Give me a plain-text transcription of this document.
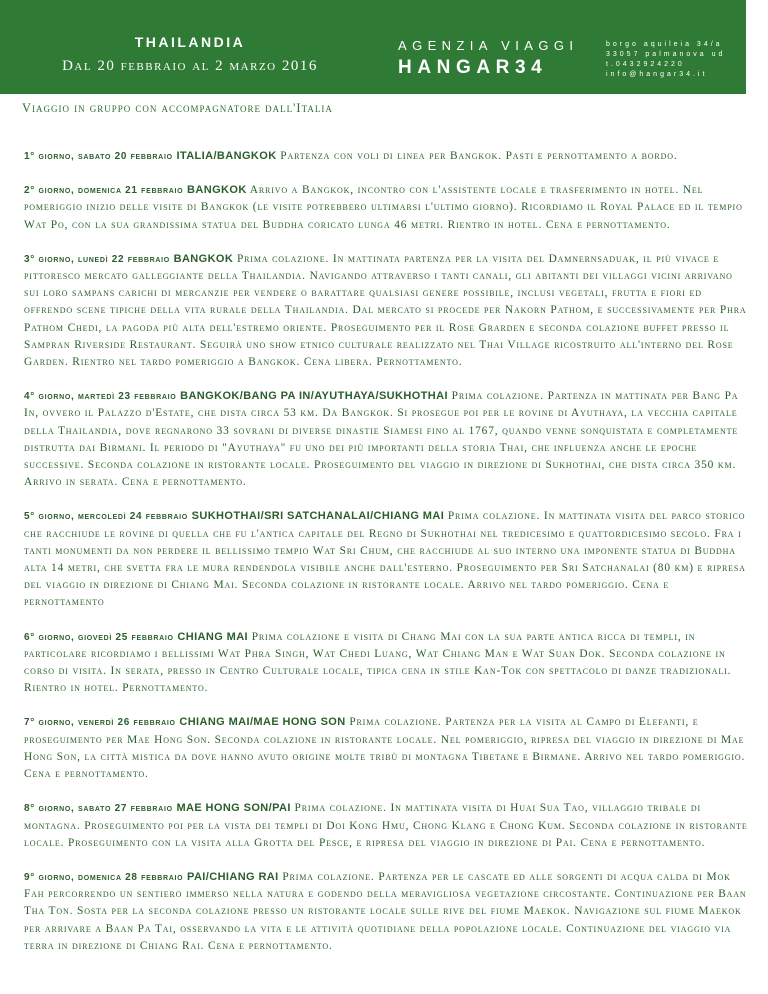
THAILANDIA
Dal 20 febbraio al 2 marzo 2016
AGENZIA VIAGGI
HANGAR34
borgo aquileia 34/a
33057 palmanova ud
t.0432924220
info@hangar34.it
Viaggio in gruppo con accompagnatore dall'Italia

1° giorno, sabato 20 febbraio ITALIA/BANGKOK Partenza con voli di linea per Bangkok. Pasti e pernottamento a bordo.

2° giorno, domenica 21 febbraio BANGKOK Arrivo a Bangkok, incontro con l'assistente locale e trasferimento in hotel. Nel pomeriggio inizio delle visite di Bangkok (le visite potrebbero ultimarsi l'ultimo giorno). Ricordiamo il Royal Palace ed il tempio Wat Po, con la sua grandissima statua del Buddha coricato lunga 46 metri. Rientro in hotel. Cena e pernottamento.

3° giorno, lunedì 22 febbraio BANGKOK Prima colazione. In mattinata partenza per la visita del Damnernsaduak, il più vivace e pittoresco mercato galleggiante della Thailandia. Navigando attraverso i tanti canali, gli abitanti dei villaggi vicini arrivano sui loro sampans carichi di mercanzie per vendere o barattare qualsiasi genere possibile, inclusi vegetali, frutta e fiori ed offrendo scene tipiche della vita rurale della Thailandia. Dal mercato si procede per Nakorn Pathom, e successivamente per Phra Pathom Chedi, la pagoda più alta dell'estremo oriente. Proseguimento per il Rose Grarden e seconda colazione buffet presso il Sampran Riverside Restaurant. Seguirà uno show etnico culturale realizzato nel Thai Village ricostruito all'interno del Rose Garden. Rientro nel tardo pomeriggio a Bangkok. Cena libera. Pernottamento.

4° giorno, martedì 23 febbraio BANGKOK/BANG PA IN/AYUTHAYA/SUKHOTHAI Prima colazione. Partenza in mattinata per Bang Pa In, ovvero il Palazzo d'Estate, che dista circa 53 km. Da Bangkok. Si prosegue poi per le rovine di Ayuthaya, la vecchia capitale della Thailandia, dove regnarono 33 sovrani di diverse dinastie Siamesi fino al 1767, quando venne sonquistata e completamente distrutta dai Birmani. Il periodo di "Ayuthaya" fu uno dei più importanti della storia Thai, che influenza anche le epoche successive. Seconda colazione in ristorante locale. Proseguimento del viaggio in direzione di Sukhothai, che dista circa 350 km. Arrivo in serata. Cena e pernottamento.

5° giorno, mercoledì 24 febbraio SUKHOTHAI/SRI SATCHANALAI/CHIANG MAI Prima colazione. In mattinata visita del parco storico che racchiude le rovine di quella che fu l'antica capitale del Regno di Sukhothai nel tredicesimo e quattordicesimo secolo. Fra i tanti monumenti da non perdere il bellissimo tempio Wat Sri Chum, che racchiude al suo interno una imponente statua di Buddha alta 14 metri, che svetta fra le mura rendendola visibile anche dall'esterno. Proseguimento per Sri Satchanalai (80 km) e ripresa del viaggio in direzione di Chiang Mai. Seconda colazione in ristorante locale. Arrivo nel tardo pomeriggio. Cena e pernottamento

6° giorno, giovedì 25 febbraio CHIANG MAI Prima colazione e visita di Chang Mai con la sua parte antica ricca di templi, in particolare ricordiamo i bellissimi Wat Phra Singh, Wat Chedi Luang, Wat Chiang Man e Wat Suan Dok. Seconda colazione in corso di visita. In serata, presso in Centro Culturale locale, tipica cena in stile Kan-Tok con spettacolo di danze tradizionali. Rientro in hotel. Pernottamento.

7° giorno, venerdì 26 febbraio CHIANG MAI/MAE HONG SON Prima colazione. Partenza per la visita al Campo di Elefanti, e proseguimento per Mae Hong Son. Seconda colazione in ristorante locale. Nel pomeriggio, ripresa del viaggio in direzione di Mae Hong Son, la città mistica da dove hanno avuto origine molte tribù di montagna Tibetane e Birmane. Arrivo nel tardo pomeriggio. Cena e pernottamento.

8° giorno, sabato 27 febbraio MAE HONG SON/PAI Prima colazione. In mattinata visita di Huai Sua Tao, villaggio tribale di montagna. Proseguimento poi per la vista dei templi di Doi Kong Hmu, Chong Klang e Chong Kum. Seconda colazione in ristorante locale. Proseguimento con la visita alla Grotta del Pesce, e ripresa del viaggio in direzione di Pai. Cena e pernottamento.

9° giorno, domenica 28 febbraio PAI/CHIANG RAI Prima colazione. Partenza per le cascate ed alle sorgenti di acqua calda di Mok Fah percorrendo un sentiero immerso nella natura e godendo della meravigliosa vegetazione circostante. Continuazione per Baan Tha Ton. Sosta per la seconda colazione presso un ristorante locale sulle rive del fiume Maekok. Navigazione sul fiume Maekok per arrivare a Baan Pa Tai, osservando la vita e le attività quotidiane della popolazione locale. Continuazione del viaggio via terra in direzione di Chiang Rai. Cena e pernottamento.
